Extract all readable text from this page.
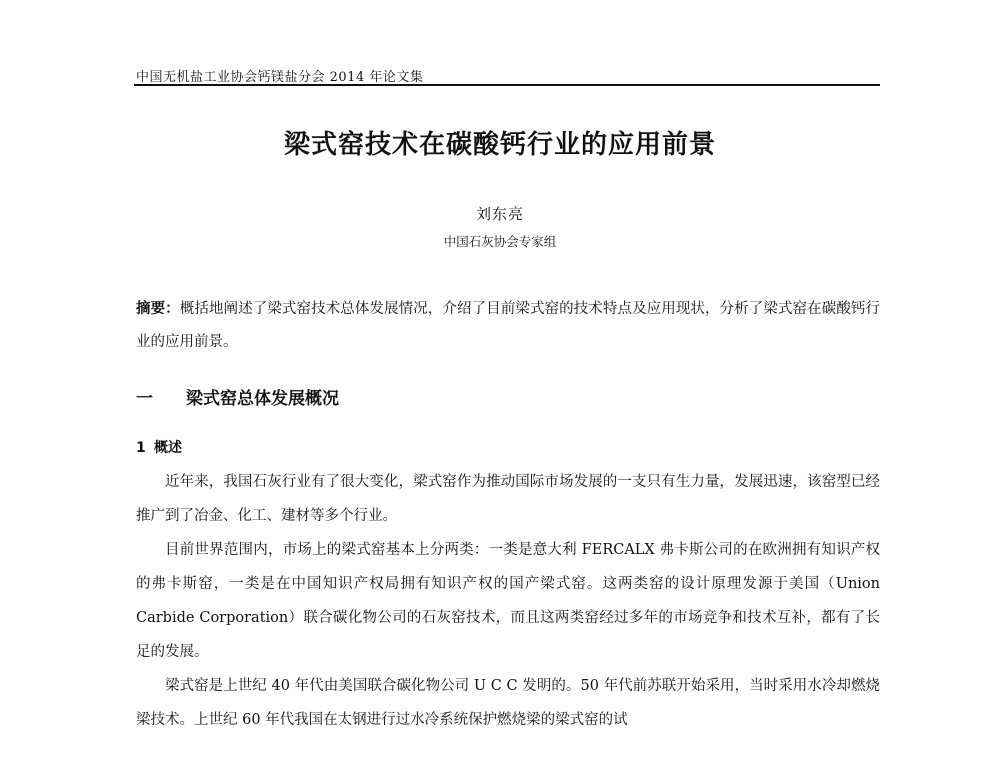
中国无机盐工业协会钙镁盐分会 2014 年论文集
梁式窑技术在碳酸钙行业的应用前景
刘东亮
中国石灰协会专家组
摘要：概括地阐述了梁式窑技术总体发展情况，介绍了目前梁式窑的技术特点及应用现状，分析了梁式窑在碳酸钙行业的应用前景。
一 梁式窑总体发展概况
1 概述

近年来，我国石灰行业有了很大变化，梁式窑作为推动国际市场发展的一支只有生力量，发展迅速，该窑型已经推广到了冶金、化工、建材等多个行业。

目前世界范围内，市场上的梁式窑基本上分两类：一类是意大利 FERCALX 弗卡斯公司的在欧洲拥有知识产权的弗卡斯窑，一类是在中国知识产权局拥有知识产权的国产梁式窑。这两类窑的设计原理发源于美国（Union Carbide Corporation）联合碳化物公司的石灰窑技术，而且这两类窑经过多年的市场竞争和技术互补，都有了长足的发展。

梁式窑是上世纪 40 年代由美国联合碳化物公司 U C C 发明的。50 年代前苏联开始采用，当时采用水冷却燃烧梁技术。上世纪 60 年代我国在太钢进行过水冷系统保护燃烧梁的梁式窑的试
